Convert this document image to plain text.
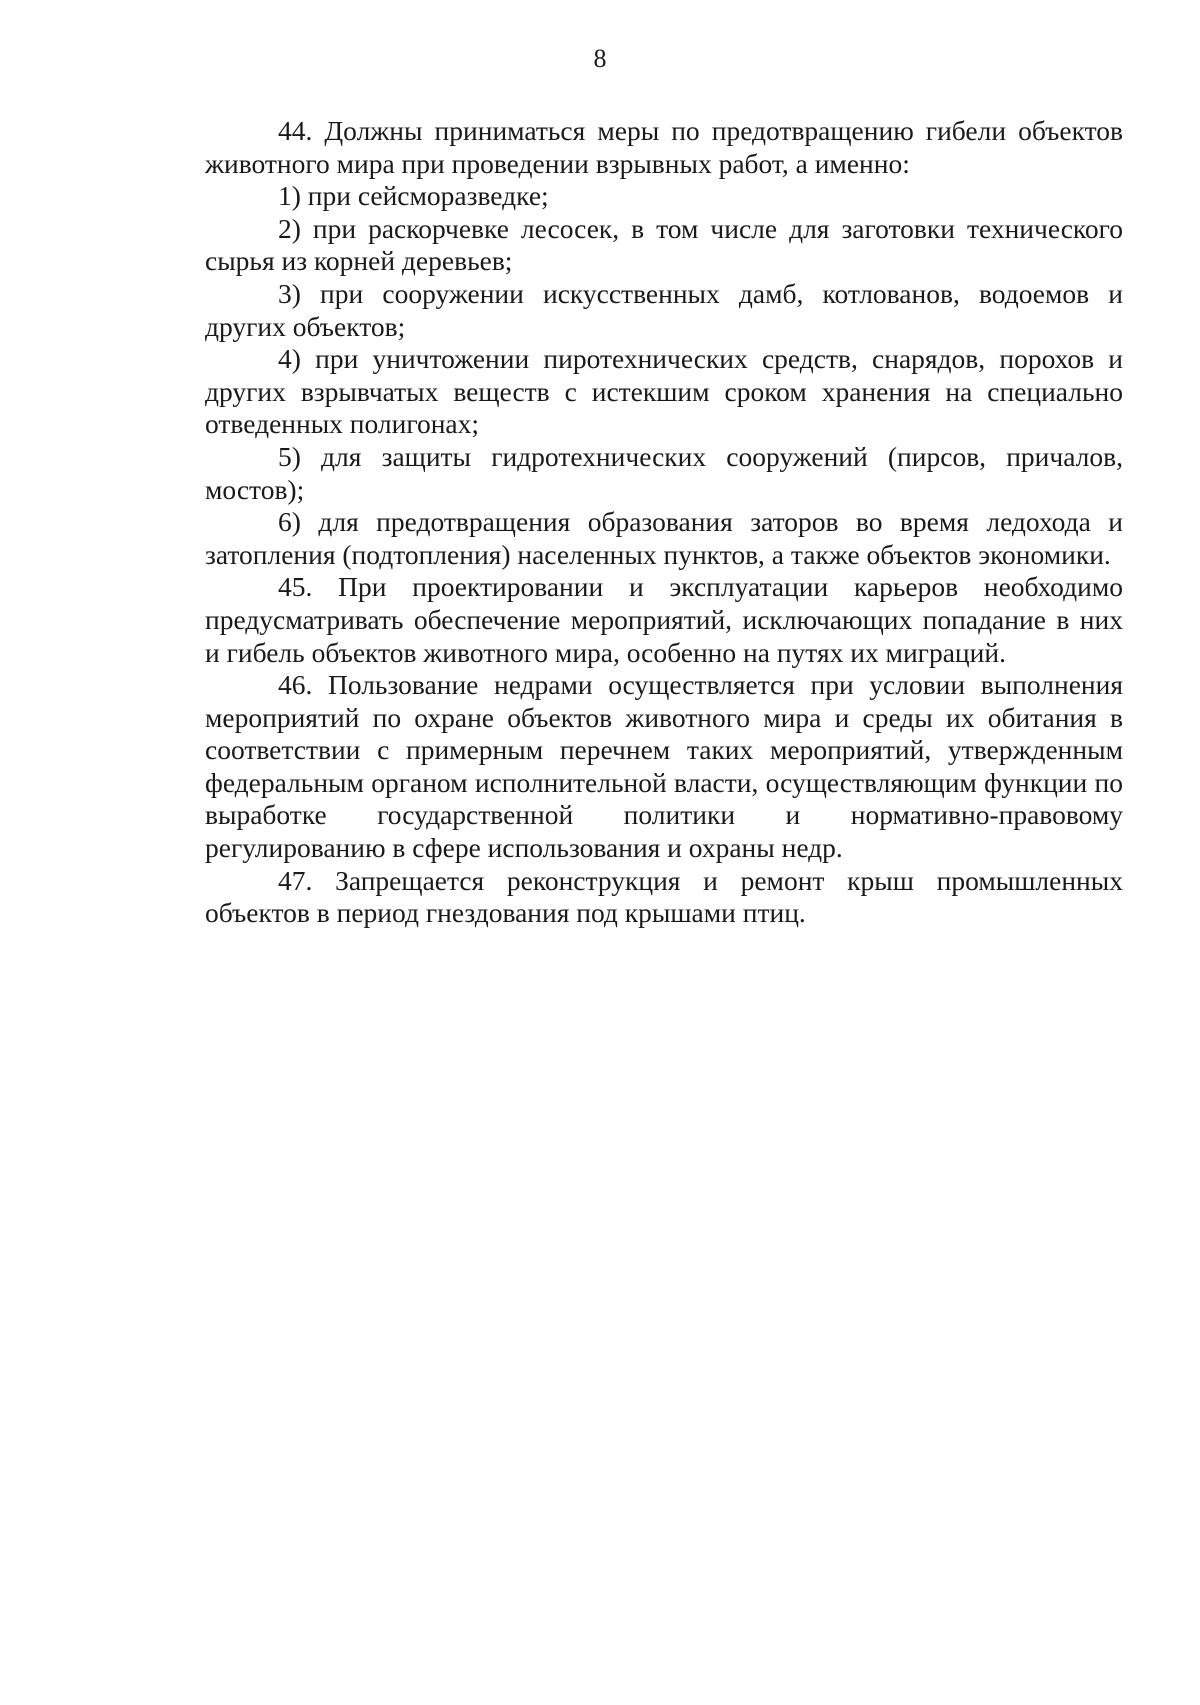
8

44. Должны приниматься меры по предотвращению гибели объектов животного мира при проведении взрывных работ, а именно:

1) при сейсморазведке;

2) при раскорчевке лесосек, в том числе для заготовки технического сырья из корней деревьев;

3) при сооружении искусственных дамб, котлованов, водоемов и других объектов;

4) при уничтожении пиротехнических средств, снарядов, порохов и других взрывчатых веществ с истекшим сроком хранения на специально отведенных полигонах;

5) для защиты гидротехнических сооружений (пирсов, причалов, мостов);

6) для предотвращения образования заторов во время ледохода и затопления (подтопления) населенных пунктов, а также объектов экономики.

45. При проектировании и эксплуатации карьеров необходимо предусматривать обеспечение мероприятий, исключающих попадание в них и гибель объектов животного мира, особенно на путях их миграций.

46. Пользование недрами осуществляется при условии выполнения мероприятий по охране объектов животного мира и среды их обитания в соответствии с примерным перечнем таких мероприятий, утвержденным федеральным органом исполнительной власти, осуществляющим функции по выработке государственной политики и нормативно-правовому регулированию в сфере использования и охраны недр.

47. Запрещается реконструкция и ремонт крыш промышленных объектов в период гнездования под крышами птиц.
